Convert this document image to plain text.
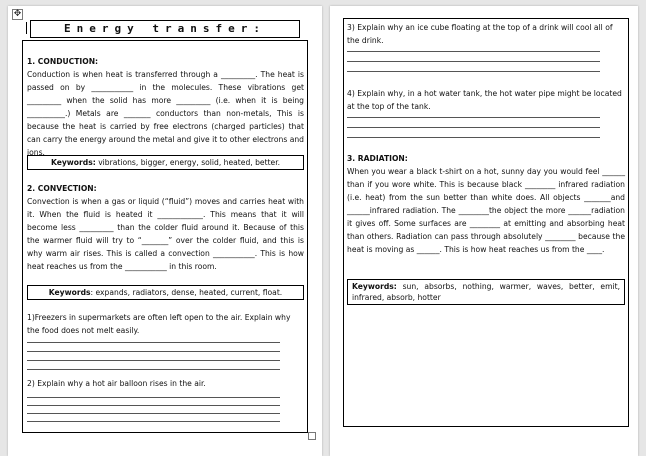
✥
Energy transfer:
1. CONDUCTION:
Conduction is when heat is transferred through a _________. The heat is passed on by ___________ in the molecules. These vibrations get _________ when the solid has more _________ (i.e. when it is being __________.) Metals are _______ conductors than non-metals, This is because the heat is carried by free electrons (charged particles) that can carry the energy around the metal and give it to other electrons and ions.
Keywords: vibrations, bigger, energy, solid, heated, better.
2. CONVECTION:
Convection is when a gas or liquid (“fluid”) moves and carries heat with it. When the fluid is heated it ____________. This means that it will become less _________ than the colder fluid around it. Because of this the warmer fluid will try to “_______” over the colder fluid, and this is why warm air rises. This is called a convection ___________. This is how heat reaches us from the ___________ in this room.
Keywords: expands, radiators, dense, heated, current, float.
1)Freezers in supermarkets are often left open to the air. Explain why the food does not melt easily.
2) Explain why a hot air balloon rises in the air.
3) Explain why an ice cube floating at the top of a drink will cool all of the drink.
4) Explain why, in a hot water tank, the hot water pipe might be located at the top of the tank.
3. RADIATION:
When you wear a black t-shirt on a hot, sunny day you would feel ______ than if you wore white. This is because black ________ infrared radiation (i.e. heat) from the sun better than white does. All objects _______and ______infrared radiation. The ________the object the more ______radiation it gives off. Some surfaces are ________ at emitting and absorbing heat than others. Radiation can pass through absolutely ________ because the heat is moving as ______. This is how heat reaches us from the ____.
Keywords: sun, absorbs, nothing, warmer, waves, better, emit, infrared, absorb, hotter
